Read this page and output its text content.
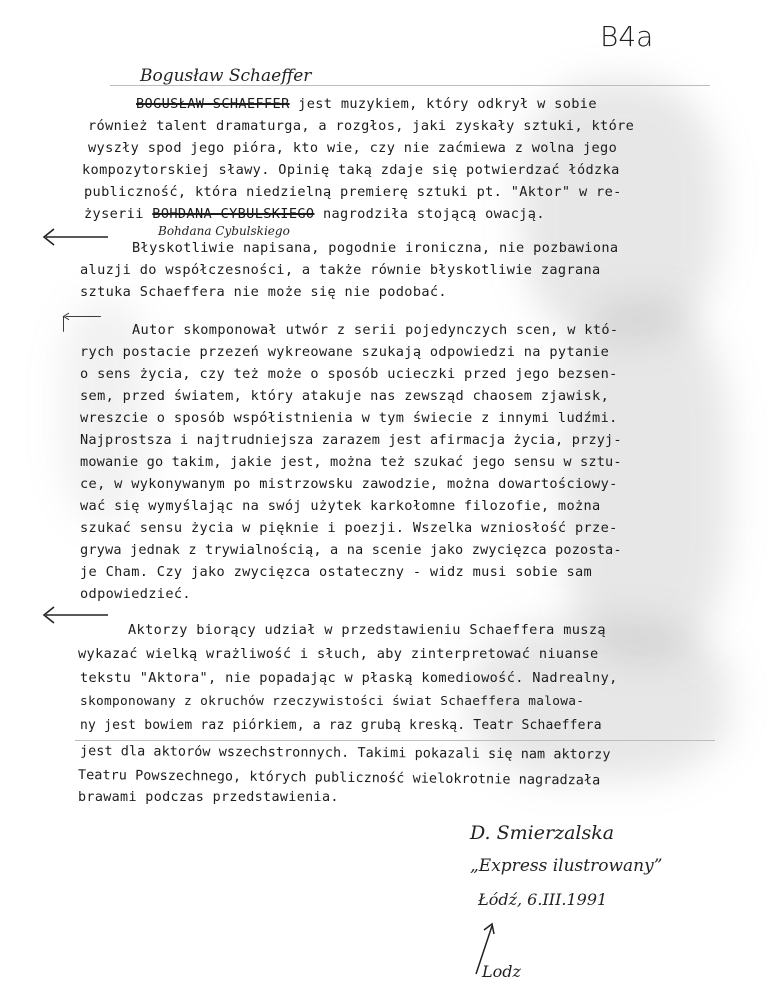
B4a
Bogusław Schaeffer
BOGUSŁAW SCHAEFFER jest muzykiem, który odkrył w sobie
również talent dramaturga, a rozgłos, jaki zyskały sztuki, które
wyszły spod jego pióra, kto wie, czy nie zaćmiewa z wolna jego
kompozytorskiej sławy. Opinię taką zdaje się potwierdzać łódzka
publiczność, która niedzielną premierę sztuki pt. "Aktor" w re-
żyserii BOHDANA CYBULSKIEGO nagrodziła stojącą owacją.
Bohdana Cybulskiego
Błyskotliwie napisana, pogodnie ironiczna, nie pozbawiona
aluzji do współczesności, a także równie błyskotliwie zagrana
sztuka Schaeffera nie może się nie podobać.
Autor skomponował utwór z serii pojedynczych scen, w któ-
rych postacie przezeń wykreowane szukają odpowiedzi na pytanie
o sens życia, czy też może o sposób ucieczki przed jego bezsen-
sem, przed światem, który atakuje nas zewsząd chaosem zjawisk,
wreszcie o sposób współistnienia w tym świecie z innymi ludźmi.
Najprostsza i najtrudniejsza zarazem jest afirmacja życia, przyj-
mowanie go takim, jakie jest, można też szukać jego sensu w sztu-
ce, w wykonywanym po mistrzowsku zawodzie, można dowartościowy-
wać się wymyślając na swój użytek karkołomne filozofie, można
szukać sensu życia w pięknie i poezji. Wszelka wzniosłość prze-
grywa jednak z trywialnością, a na scenie jako zwycięzca pozosta-
je Cham. Czy jako zwycięzca ostateczny - widz musi sobie sam
odpowiedzieć.
Aktorzy biorący udział w przedstawieniu Schaeffera muszą
wykazać wielką wrażliwość i słuch, aby zinterpretować niuanse
tekstu "Aktora", nie popadając w płaską komediowość. Nadrealny,
skomponowany z okruchów rzeczywistości świat Schaeffera malowa-
ny jest bowiem raz piórkiem, a raz grubą kreską. Teatr Schaeffera
jest dla aktorów wszechstronnych. Takimi pokazali się nam aktorzy
Teatru Powszechnego, których publiczność wielokrotnie nagradzała
brawami podczas przedstawienia.
D. Smierzalska
„Express ilustrowany”
Łódź, 6.III.1991
Lodz
